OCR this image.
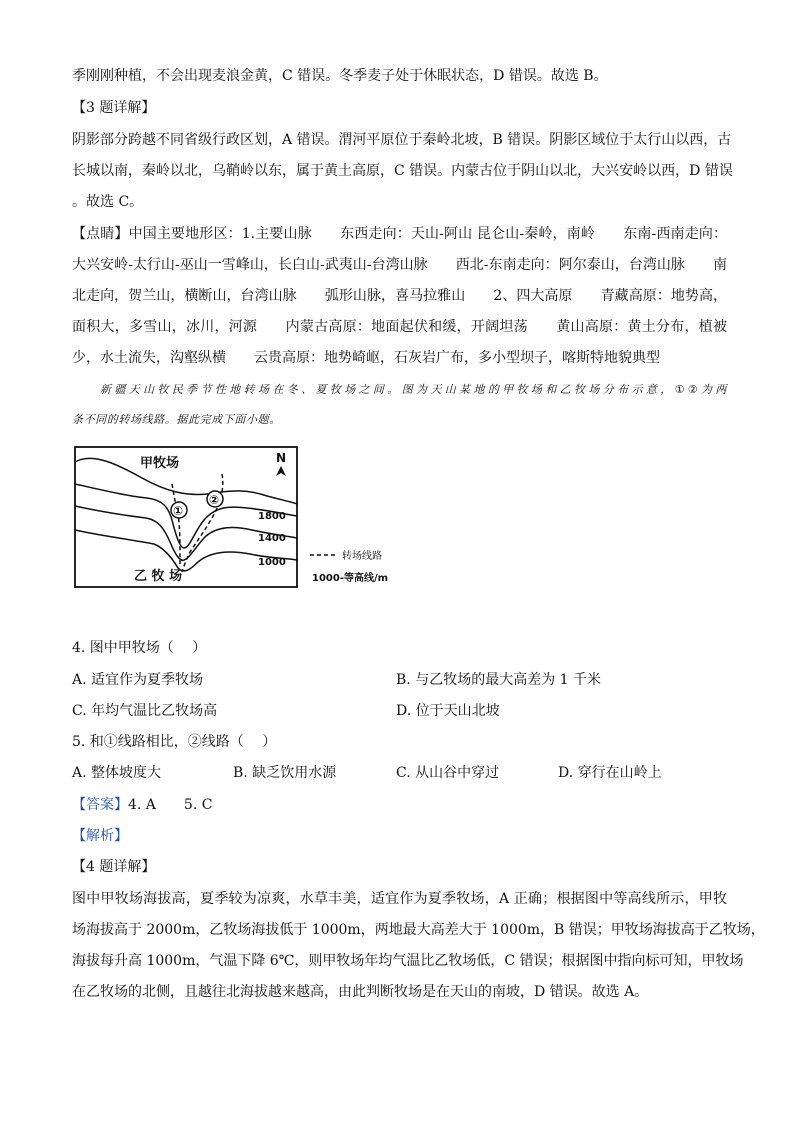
季刚刚种植，不会出现麦浪金黄，C 错误。冬季麦子处于休眠状态，D 错误。故选 B。
【3 题详解】
阴影部分跨越不同省级行政区划，A 错误。渭河平原位于秦岭北坡，B 错误。阴影区域位于太行山以西，古
长城以南，秦岭以北，乌鞘岭以东，属于黄土高原，C 错误。内蒙古位于阴山以北，大兴安岭以西，D 错误
。故选 C。
【点睛】中国主要地形区：1.主要山脉　　东西走向：天山-阿山 昆仑山-秦岭，南岭　　东南-西南走向：
大兴安岭-太行山-巫山一雪峰山，长白山-武夷山-台湾山脉　　西北-东南走向：阿尔泰山，台湾山脉　　南
北走向，贺兰山，横断山，台湾山脉　　弧形山脉，喜马拉雅山　　2、四大高原　　青藏高原：地势高，
面积大，多雪山，冰川，河源　　内蒙古高原：地面起伏和缓，开阔坦荡　　黄山高原：黄土分布，植被
少，水土流失，沟壑纵横　　云贵高原：地势崎岖，石灰岩广布，多小型坝子，喀斯特地貌典型
新疆天山牧民季节性地转场在冬、夏牧场之间。图为天山某地的甲牧场和乙牧场分布示意，①②为两
条不同的转场线路。据此完成下面小题。
甲牧场
乙 牧 场
N
①
②
1800
1400
1000
转场线路
1000-等高线/m
4. 图中甲牧场（　 ）
A. 适宜作为夏季牧场	B. 与乙牧场的最大高差为 1 千米
C. 年均气温比乙牧场高	D. 位于天山北坡
5. 和①线路相比，②线路（　 ）
A. 整体坡度大	B. 缺乏饮用水源	C. 从山谷中穿过	D. 穿行在山岭上
【答案】4. A　　5. C
【解析】
【4 题详解】
图中甲牧场海拔高，夏季较为凉爽，水草丰美，适宜作为夏季牧场，A 正确；根据图中等高线所示，甲牧
场海拔高于 2000m，乙牧场海拔低于 1000m，两地最大高差大于 1000m，B 错误；甲牧场海拔高于乙牧场，
海拔每升高 1000m，气温下降 6℃，则甲牧场年均气温比乙牧场低，C 错误；根据图中指向标可知，甲牧场
在乙牧场的北侧，且越往北海拔越来越高，由此判断牧场是在天山的南坡，D 错误。故选 A。
